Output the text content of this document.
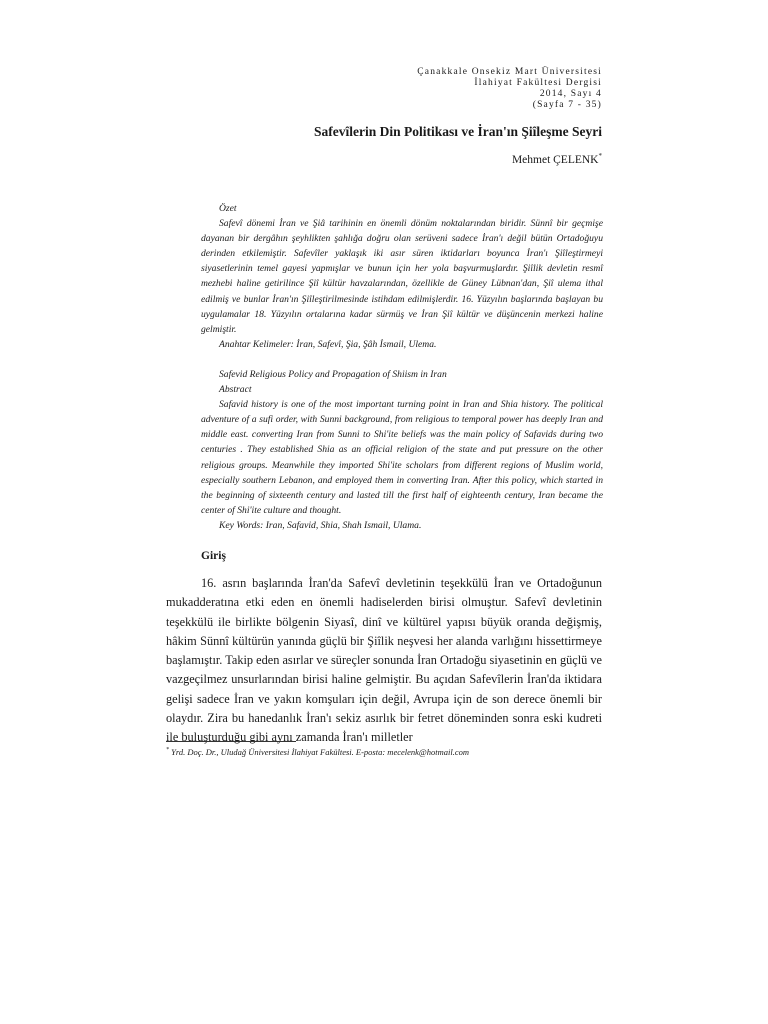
Çanakkale Onsekiz Mart Üniversitesi
İlahiyat Fakültesi Dergisi
2014, Sayı 4
(Sayfa 7 - 35)
Safevîlerin Din Politikası ve İran'ın Şiîleşme Seyri
Mehmet ÇELENK*

Özet

Safevî dönemi İran ve Şiâ tarihinin en önemli dönüm noktalarından biridir. Sünnî bir geçmişe dayanan bir dergâhın şeyhlikten şahlığa doğru olan serüveni sadece İran'ı değil bütün Ortadoğuyu derinden etkilemiştir. Safevîler yaklaşık iki asır süren iktidarları boyunca İran'ı Şiîleştirmeyi siyasetlerinin temel gayesi yapmışlar ve bunun için her yola başvurmuşlardır. Şiîlik devletin resmî mezhebi haline getirilince Şiî kültür havzalarından, özellikle de Güney Lübnan'dan, Şiî ulema ithal edilmiş ve bunlar İran'ın Şiîleştirilmesinde istihdam edilmişlerdir. 16. Yüzyılın başlarında başlayan bu uygulamalar 18. Yüzyılın ortalarına kadar sürmüş ve İran Şiî kültür ve düşüncenin merkezi haline gelmiştir.

Anahtar Kelimeler: İran, Safevî, Şia, Şâh İsmail, Ulema.

Safevid Religious Policy and Propagation of Shiism in Iran

Abstract

Safavid history is one of the most important turning point in Iran and Shia history. The political adventure of a sufi order, with Sunni background, from religious to temporal power has deeply Iran and middle east. converting Iran from Sunni to Shi'ite beliefs was the main policy of Safavids during two centuries . They established Shia as an official religion of the state and put pressure on the other religious groups. Meanwhile they imported Shi'ite scholars from different regions of Muslim world, especially southern Lebanon, and employed them in converting Iran. After this policy, which started in the beginning of sixteenth century and lasted till the first half of eighteenth century, Iran became the center of Shi'ite culture and thought.

Key Words: Iran, Safavid, Shia, Shah Ismail, Ulama.

Giriş

16. asrın başlarında İran'da Safevî devletinin teşekkülü İran ve Ortadoğunun mukadderatına etki eden en önemli hadiselerden birisi olmuştur. Safevî devletinin teşekkülü ile birlikte bölgenin Siyasî, dinî ve kültürel yapısı büyük oranda değişmiş, hâkim Sünnî kültürün yanında güçlü bir Şiîlik neşvesi her alanda varlığını hissettirmeye başlamıştır. Takip eden asırlar ve süreçler sonunda İran Ortadoğu siyasetinin en güçlü ve vazgeçilmez unsurlarından birisi haline gelmiştir. Bu açıdan Safevîlerin İran'da iktidara gelişi sadece İran ve yakın komşuları için değil, Avrupa için de son derece önemli bir olaydır. Zira bu hanedanlık İran'ı sekiz asırlık bir fetret döneminden sonra eski kudreti ile buluşturduğu gibi aynı zamanda İran'ı milletler

* Yrd. Doç. Dr., Uludağ Üniversitesi İlahiyat Fakültesi. E-posta: mecelenk@hotmail.com
